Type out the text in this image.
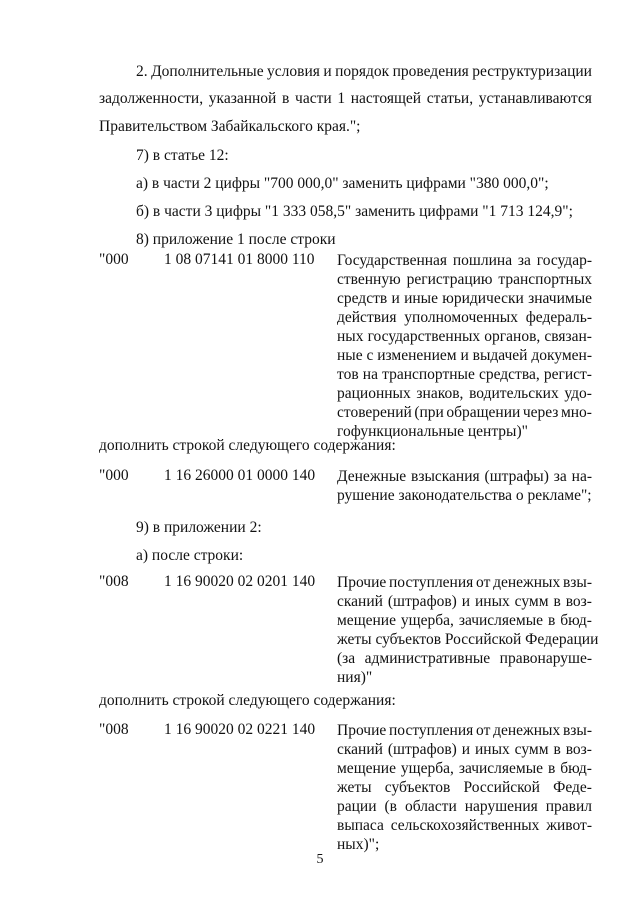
2. Дополнительные условия и порядок проведения реструктуризации
задолженности, указанной в части 1 настоящей статьи, устанавливаются
Правительством Забайкальского края.";
7) в статье 12:
а) в части 2 цифры "700 000,0" заменить цифрами "380 000,0";
б) в части 3 цифры "1 333 058,5" заменить цифрами "1 713 124,9";
8) приложение 1 после строки
"000 1 08 07141 01 8000 110 Государственная пошлина за государ-
ственную регистрацию транспортных
средств и иные юридически значимые
действия уполномоченных федераль-
ных государственных органов, связан-
ные с изменением и выдачей докумен-
тов на транспортные средства, регист-
рационных знаков, водительских удо-
стоверений (при обращении через мно-
гофункциональные центры)"
дополнить строкой следующего содержания:
"000 1 16 26000 01 0000 140 Денежные взыскания (штрафы) за на-
рушение законодательства о рекламе";
9) в приложении 2:
а) после строки:
"008 1 16 90020 02 0201 140 Прочие поступления от денежных взы-
сканий (штрафов) и иных сумм в воз-
мещение ущерба, зачисляемые в бюд-
жеты субъектов Российской Федерации
(за административные правонаруше-
ния)"
дополнить строкой следующего содержания:
"008 1 16 90020 02 0221 140 Прочие поступления от денежных взы-
сканий (штрафов) и иных сумм в воз-
мещение ущерба, зачисляемые в бюд-
жеты субъектов Российской Феде-
рации (в области нарушения правил
выпаса сельскохозяйственных живот-
ных)";
5
